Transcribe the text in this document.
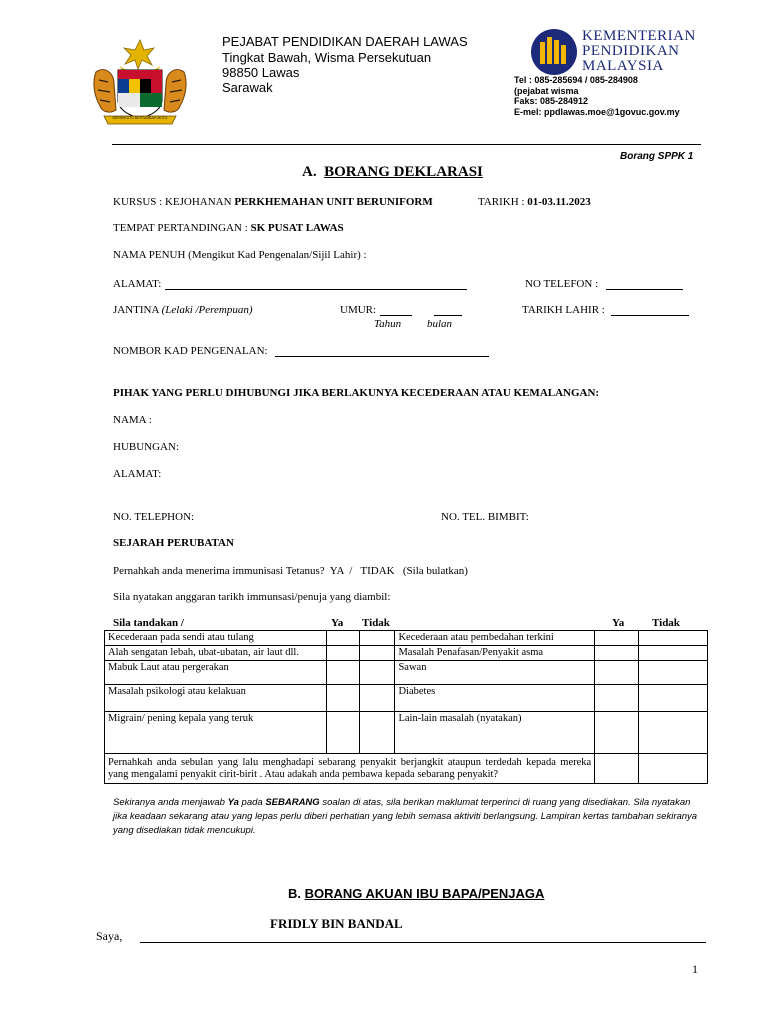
BERSEKUTU BERTAMBAH MUTU
PEJABAT PENDIDIKAN DAERAH LAWAS
Tingkat Bawah, Wisma Persekutuan
98850 Lawas
Sarawak
KEMENTERIAN
PENDIDIKAN
MALAYSIA
Tel : 085-285694 / 085-284908
(pejabat wisma
Faks: 085-284912
E-mel: ppdlawas.moe@1govuc.gov.my
Borang SPPK 1
A. BORANG DEKLARASI
KURSUS : KEJOHANAN PERKHEMAHAN UNIT BERUNIFORM	TARIKH : 01-03.11.2023
TEMPAT PERTANDINGAN : SK PUSAT LAWAS
NAMA PENUH (Mengikut Kad Pengenalan/Sijil Lahir) :
ALAMAT:	NO TELEFON :
JANTINA (Lelaki /Perempuan)	UMUR:
Tahun bulan
TARIKH LAHIR :
NOMBOR KAD PENGENALAN:
PIHAK YANG PERLU DIHUBUNGI JIKA BERLAKUNYA KECEDERAAN ATAU KEMALANGAN:
NAMA :
HUBUNGAN:
ALAMAT:
NO. TELEPHON:	NO. TEL. BIMBIT:
SEJARAH PERUBATAN
Pernahkah anda menerima immunisasi Tetanus?  YA  /   TIDAK   (Sila bulatkan)
Sila nyatakan anggaran tarikh immunsasi/penuja yang diambil:
Sila tandakan /	Ya Tidak	Ya	Tidak
Kecederaan pada sendi atau tulang			Kecederaan atau pembedahan terkini		
Alah sengatan lebah, ubat-ubatan, air laut dll.			Masalah Penafasan/Penyakit asma		
Mabuk Laut atau pergerakan			Sawan		
Masalah psikologi atau kelakuan			Diabetes		
Migrain/ pening kepala yang teruk			Lain-lain masalah (nyatakan)		
Pernahkah anda sebulan yang lalu menghadapi sebarang penyakit berjangkit ataupun terdedah kepada mereka yang mengalami penyakit cirit-birit . Atau adakah anda pembawa kepada sebarang penyakit?					
Sekiranya anda menjawab Ya pada SEBARANG soalan di atas, sila berikan maklumat terperinci di ruang yang disediakan. Sila nyatakan jika keadaan sekarang atau yang lepas perlu diberi perhatian yang lebih semasa aktiviti berlangsung. Lampiran kertas tambahan sekiranya yang disediakan tidak mencukupi.
B. BORANG AKUAN IBU BAPA/PENJAGA
FRIDLY BIN BANDAL
Saya,
1
